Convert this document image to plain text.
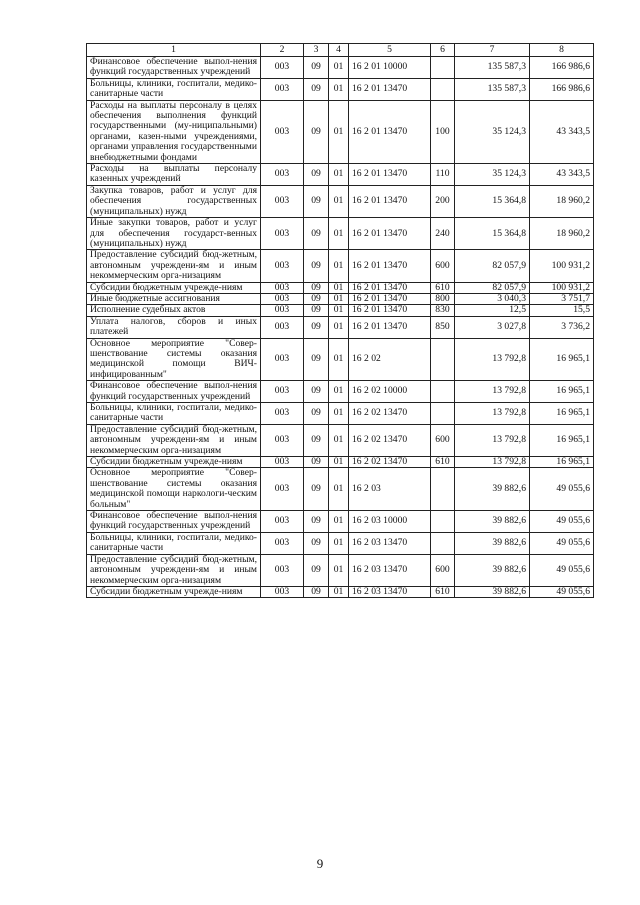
1	2	3	4	5	6	7	8
Финансовое обеспечение выпол-нения функций государственных учреждений	003	09	01	16 2 01 10000		135 587,3	166 986,6
Больницы, клиники, госпитали, медико-санитарные части	003	09	01	16 2 01 13470		135 587,3	166 986,6
Расходы на выплаты персоналу в целях обеспечения выполнения функций государственными (му-ниципальными) органами, казен-ными учреждениями, органами управления государственными внебюджетными фондами	003	09	01	16 2 01 13470	100	35 124,3	43 343,5
Расходы на выплаты персоналу казенных учреждений	003	09	01	16 2 01 13470	110	35 124,3	43 343,5
Закупка товаров, работ и услуг для обеспечения государственных (муниципальных) нужд	003	09	01	16 2 01 13470	200	15 364,8	18 960,2
Иные закупки товаров, работ и услуг для обеспечения государст-венных (муниципальных) нужд	003	09	01	16 2 01 13470	240	15 364,8	18 960,2
Предоставление субсидий бюд-жетным, автономным учреждени-ям и иным некоммерческим орга-низациям	003	09	01	16 2 01 13470	600	82 057,9	100 931,2
Субсидии бюджетным учрежде-ниям	003	09	01	16 2 01 13470	610	82 057,9	100 931,2
Иные бюджетные ассигнования	003	09	01	16 2 01 13470	800	3 040,3	3 751,7
Исполнение судебных актов	003	09	01	16 2 01 13470	830	12,5	15,5
Уплата налогов, сборов и иных платежей	003	09	01	16 2 01 13470	850	3 027,8	3 736,2
Основное мероприятие "Совер-шенствование системы оказания медицинской помощи ВИЧ-инфицированным"	003	09	01	16 2 02		13 792,8	16 965,1
Финансовое обеспечение выпол-нения функций государственных учреждений	003	09	01	16 2 02 10000		13 792,8	16 965,1
Больницы, клиники, госпитали, медико-санитарные части	003	09	01	16 2 02 13470		13 792,8	16 965,1
Предоставление субсидий бюд-жетным, автономным учреждени-ям и иным некоммерческим орга-низациям	003	09	01	16 2 02 13470	600	13 792,8	16 965,1
Субсидии бюджетным учрежде-ниям	003	09	01	16 2 02 13470	610	13 792,8	16 965,1
Основное мероприятие "Совер-шенствование системы оказания медицинской помощи наркологи-ческим больным"	003	09	01	16 2 03		39 882,6	49 055,6
Финансовое обеспечение выпол-нения функций государственных учреждений	003	09	01	16 2 03 10000		39 882,6	49 055,6
Больницы, клиники, госпитали, медико-санитарные части	003	09	01	16 2 03 13470		39 882,6	49 055,6
Предоставление субсидий бюд-жетным, автономным учреждени-ям и иным некоммерческим орга-низациям	003	09	01	16 2 03 13470	600	39 882,6	49 055,6
Субсидии бюджетным учрежде-ниям	003	09	01	16 2 03 13470	610	39 882,6	49 055,6
9
